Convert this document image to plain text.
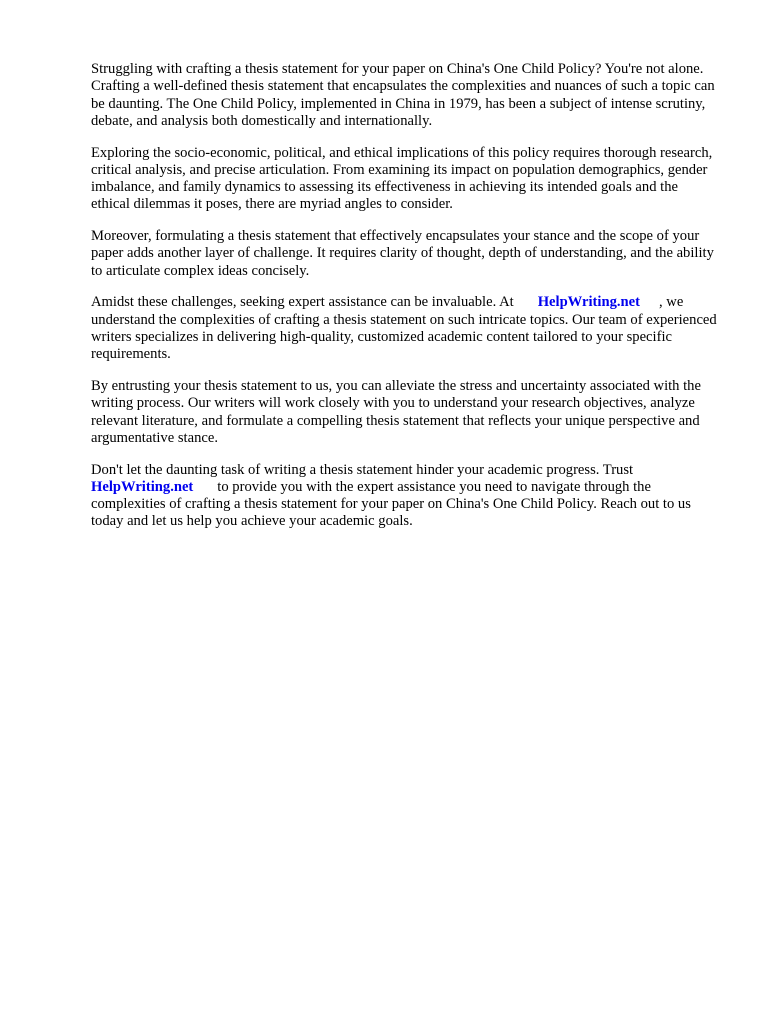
Struggling with crafting a thesis statement for your paper on China's One Child Policy? You're not alone. Crafting a well-defined thesis statement that encapsulates the complexities and nuances of such a topic can be daunting. The One Child Policy, implemented in China in 1979, has been a subject of intense scrutiny, debate, and analysis both domestically and internationally.

Exploring the socio-economic, political, and ethical implications of this policy requires thorough research, critical analysis, and precise articulation. From examining its impact on population demographics, gender imbalance, and family dynamics to assessing its effectiveness in achieving its intended goals and the ethical dilemmas it poses, there are myriad angles to consider.

Moreover, formulating a thesis statement that effectively encapsulates your stance and the scope of your paper adds another layer of challenge. It requires clarity of thought, depth of understanding, and the ability to articulate complex ideas concisely.

Amidst these challenges, seeking expert assistance can be invaluable. At HelpWriting.net , we understand the complexities of crafting a thesis statement on such intricate topics. Our team of experienced writers specializes in delivering high-quality, customized academic content tailored to your specific requirements.

By entrusting your thesis statement to us, you can alleviate the stress and uncertainty associated with the writing process. Our writers will work closely with you to understand your research objectives, analyze relevant literature, and formulate a compelling thesis statement that reflects your unique perspective and argumentative stance.

Don't let the daunting task of writing a thesis statement hinder your academic progress. Trust HelpWriting.net to provide you with the expert assistance you need to navigate through the complexities of crafting a thesis statement for your paper on China's One Child Policy. Reach out to us today and let us help you achieve your academic goals.
